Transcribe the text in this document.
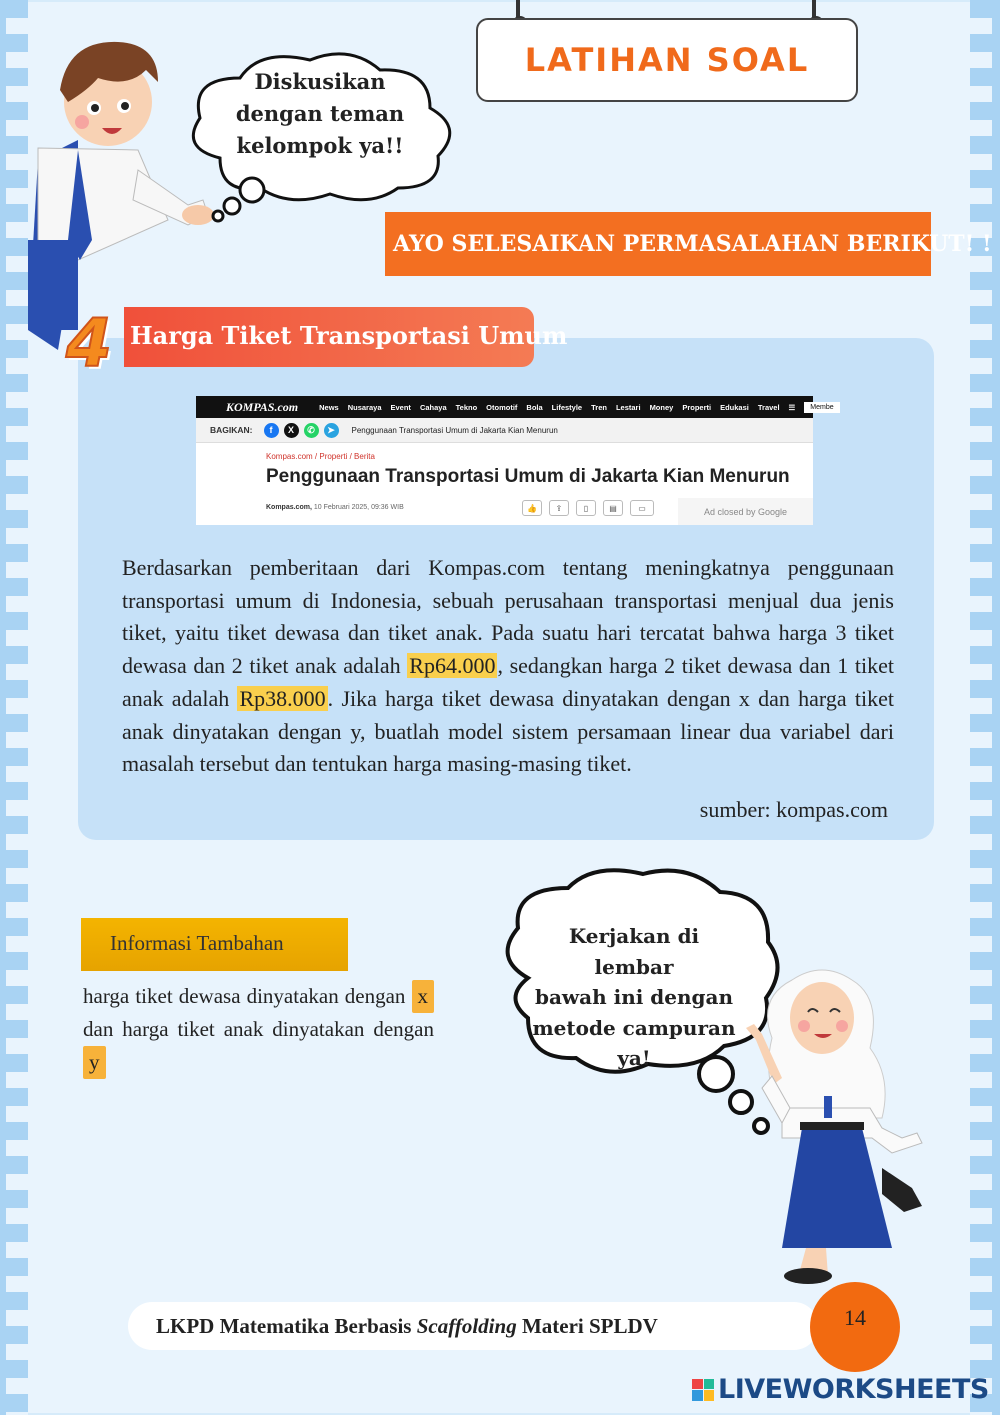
Diskusikan
dengan teman
kelompok ya!!
LATIHAN SOAL
AYO SELESAIKAN PERMASALAHAN BERIKUT! !
Harga Tiket Transportasi Umum
4
KOMPAS.com	News Nusaraya Event Cahaya Tekno Otomotif Bola Lifestyle Tren Lestari Money Properti Edukasi Travel ☰	Membe
BAGIKAN:	f	X	✆	➤	Penggunaan Transportasi Umum di Jakarta Kian Menurun
Kompas.com / Properti / Berita
Penggunaan Transportasi Umum di Jakarta Kian Menurun
Kompas.com, 10 Februari 2025, 09:36 WIB	👍	⇪	▯	▤	▭	Ad closed by Google
Berdasarkan pemberitaan dari Kompas.com tentang meningkatnya penggunaan transportasi umum di Indonesia, sebuah perusahaan transportasi menjual dua jenis tiket, yaitu tiket dewasa dan tiket anak. Pada suatu hari tercatat bahwa harga 3 tiket dewasa dan 2 tiket anak adalah Rp64.000, sedangkan harga 2 tiket dewasa dan 1 tiket anak adalah Rp38.000. Jika harga tiket dewasa dinyatakan dengan x dan harga tiket anak dinyatakan dengan y, buatlah model sistem persamaan linear dua variabel dari masalah tersebut dan tentukan harga masing-masing tiket.
sumber: kompas.com
Informasi Tambahan
harga tiket dewasa dinyatakan dengan x dan harga tiket anak dinyatakan dengan y
Kerjakan di lembar
bawah ini dengan
metode campuran
ya!
LKPD Matematika Berbasis Scaffolding Materi SPLDV	14
LIVEWORKSHEETS
